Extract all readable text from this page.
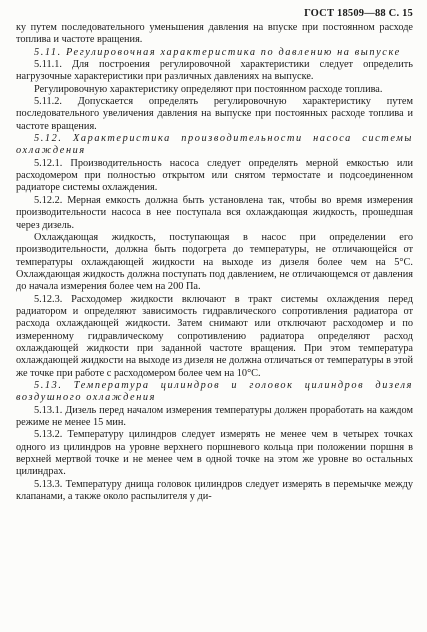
ГОСТ 18509—88 С. 15

ку путем последовательного уменьшения давления на впуске при постоянном расходе топлива и частоте вращения.

5.11. Регулировочная характеристика по давлению на выпуске

5.11.1. Для построения регулировочной характеристики следует определить нагрузочные характеристики при различных давлениях на выпуске.

Регулировочную характеристику определяют при постоянном расходе топлива.

5.11.2. Допускается определять регулировочную характеристику путем последовательного увеличения давления на выпуске при постоянных расходе топлива и частоте вращения.

5.12. Характеристика производительности насоса системы охлаждения

5.12.1. Производительность насоса следует определять мерной емкостью или расходомером при полностью открытом или снятом термостате и подсоединенном радиаторе системы охлаждения.

5.12.2. Мерная емкость должна быть установлена так, чтобы во время измерения производительности насоса в нее поступала вся охлаждающая жидкость, прошедшая через дизель.

Охлаждающая жидкость, поступающая в насос при определении его производительности, должна быть подогрета до температуры, не отличающейся от температуры охлаждающей жидкости на выходе из дизеля более чем на 5°С. Охлаждающая жидкость должна поступать под давлением, не отличающемся от давления до начала измерения более чем на 200 Па.

5.12.3. Расходомер жидкости включают в тракт системы охлаждения перед радиатором и определяют зависимость гидравлического сопротивления радиатора от расхода охлаждающей жидкости. Затем снимают или отключают расходомер и по измеренному гидравлическому сопротивлению радиатора определяют расход охлаждающей жидкости при заданной частоте вращения. При этом температура охлаждающей жидкости на выходе из дизеля не должна отличаться от температуры в этой же точке при работе с расходомером более чем на 10°С.

5.13. Температура цилиндров и головок цилиндров дизеля воздушного охлаждения

5.13.1. Дизель перед началом измерения температуры должен проработать на каждом режиме не менее 15 мин.

5.13.2. Температуру цилиндров следует измерять не менее чем в четырех точках одного из цилиндров на уровне верхнего поршневого кольца при положении поршня в верхней мертвой точке и не менее чем в одной точке на этом же уровне во остальных цилиндрах.

5.13.3. Температуру днища головок цилиндров следует измерять в перемычке между клапанами, а также около распылителя у ди-
